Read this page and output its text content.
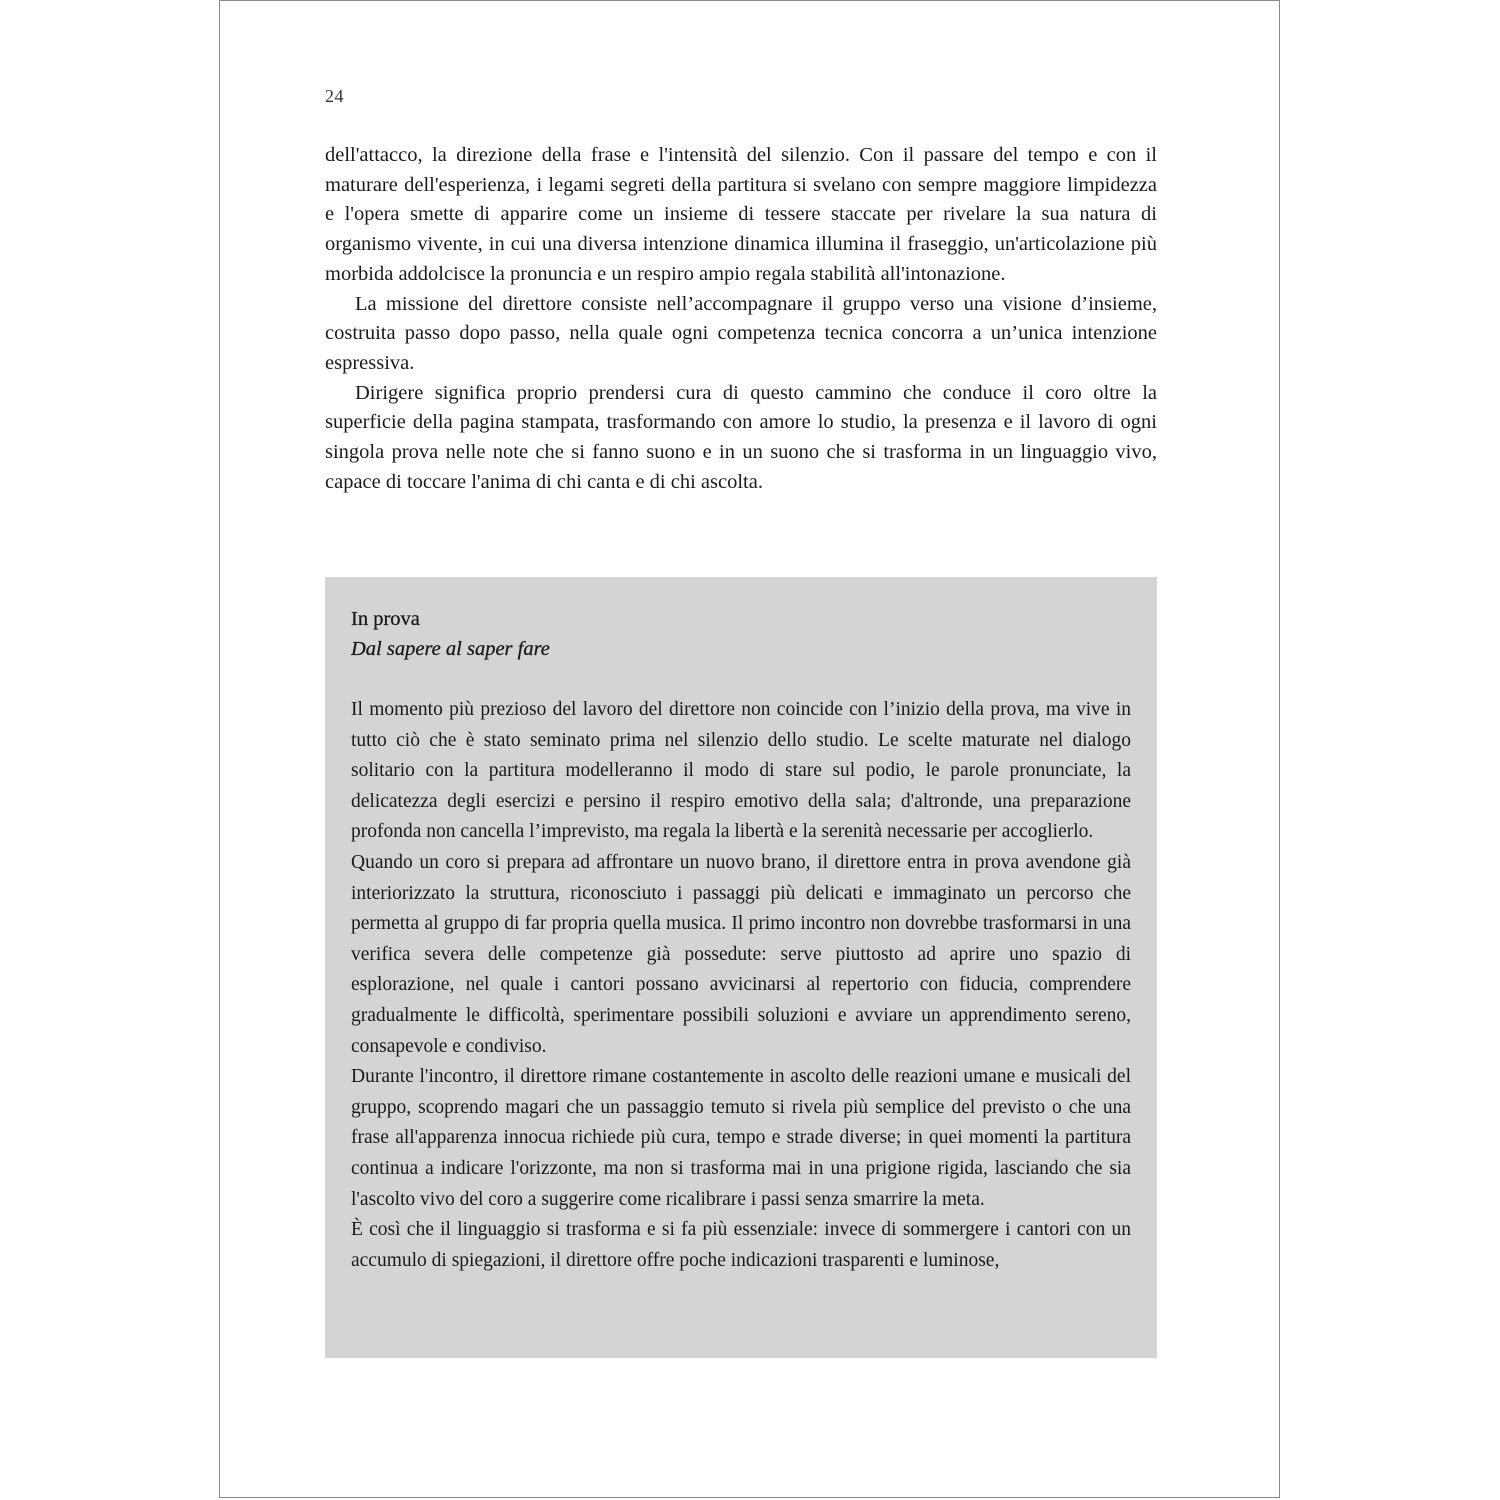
24

dell'attacco, la direzione della frase e l'intensità del silenzio. Con il passare del tempo e con il maturare dell'esperienza, i legami segreti della partitura si svelano con sempre maggiore limpidezza e l'opera smette di apparire come un insieme di tessere staccate per rivelare la sua natura di organismo vivente, in cui una diversa intenzione dinamica illumina il fraseggio, un'articolazione più morbida addolcisce la pronuncia e un respiro ampio regala stabilità all'intonazione.

La missione del direttore consiste nell’accompagnare il gruppo verso una visione d’insieme, costruita passo dopo passo, nella quale ogni competenza tecnica concorra a un’unica intenzione espressiva.

Dirigere significa proprio prendersi cura di questo cammino che conduce il coro oltre la superficie della pagina stampata, trasformando con amore lo studio, la presenza e il lavoro di ogni singola prova nelle note che si fanno suono e in un suono che si trasforma in un linguaggio vivo, capace di toccare l'anima di chi canta e di chi ascolta.

In prova
Dal sapere al saper fare

Il momento più prezioso del lavoro del direttore non coincide con l’inizio della prova, ma vive in tutto ciò che è stato seminato prima nel silenzio dello studio. Le scelte maturate nel dialogo solitario con la partitura modelleranno il modo di stare sul podio, le parole pronunciate, la delicatezza degli esercizi e persino il respiro emotivo della sala; d'altronde, una preparazione profonda non cancella l’imprevisto, ma regala la libertà e la serenità necessarie per accoglierlo.

Quando un coro si prepara ad affrontare un nuovo brano, il direttore entra in prova avendone già interiorizzato la struttura, riconosciuto i passaggi più delicati e immaginato un percorso che permetta al gruppo di far propria quella musica. Il primo incontro non dovrebbe trasformarsi in una verifica severa delle competenze già possedute: serve piuttosto ad aprire uno spazio di esplorazione, nel quale i cantori possano avvicinarsi al repertorio con fiducia, comprendere gradualmente le difficoltà, sperimentare possibili soluzioni e avviare un apprendimento sereno, consapevole e condiviso.

Durante l'incontro, il direttore rimane costantemente in ascolto delle reazioni umane e musicali del gruppo, scoprendo magari che un passaggio temuto si rivela più semplice del previsto o che una frase all'apparenza innocua richiede più cura, tempo e strade diverse; in quei momenti la partitura continua a indicare l'orizzonte, ma non si trasforma mai in una prigione rigida, lasciando che sia l'ascolto vivo del coro a suggerire come ricalibrare i passi senza smarrire la meta.

È così che il linguaggio si trasforma e si fa più essenziale: invece di sommergere i cantori con un accumulo di spiegazioni, il direttore offre poche indicazioni trasparenti e luminose,
